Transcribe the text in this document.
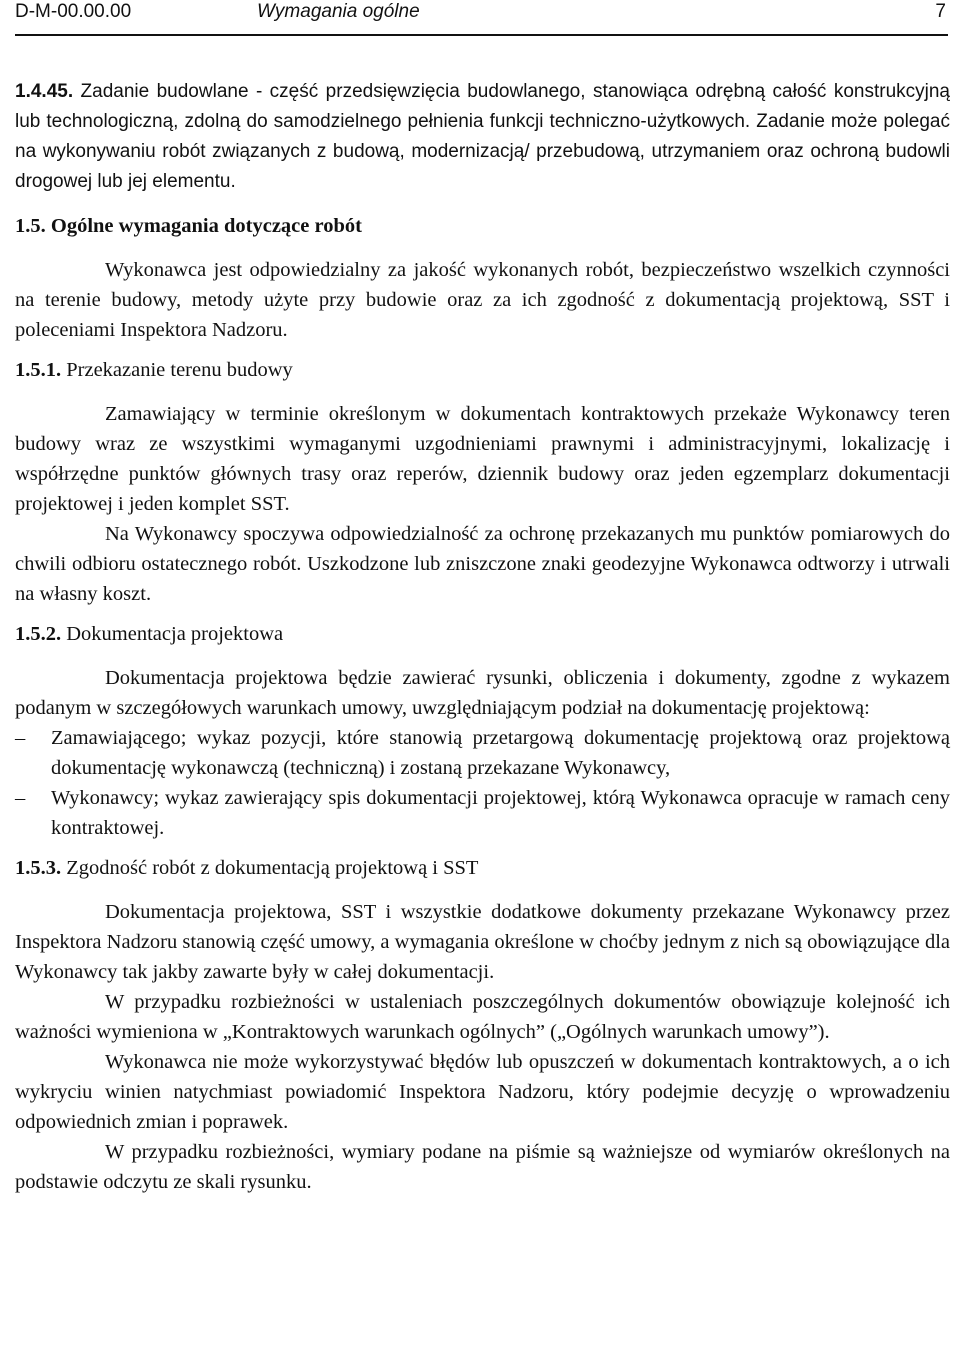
D-M-00.00.00	Wymagania ogólne	7

1.4.45. Zadanie budowlane - część przedsięwzięcia budowlanego, stanowiąca odrębną całość konstrukcyjną lub technologiczną, zdolną do samodzielnego pełnienia funkcji techniczno-użytkowych. Zadanie może polegać na wykonywaniu robót związanych z budową, modernizacją/ przebudową, utrzymaniem oraz ochroną budowli drogowej lub jej elementu.

1.5. Ogólne wymagania dotyczące robót

Wykonawca jest odpowiedzialny za jakość wykonanych robót, bezpieczeństwo wszelkich czynności na terenie budowy, metody użyte przy budowie oraz za ich zgodność z dokumentacją projektową, SST i poleceniami Inspektora Nadzoru.

1.5.1. Przekazanie terenu budowy

Zamawiający w terminie określonym w dokumentach kontraktowych przekaże Wykonawcy teren budowy wraz ze wszystkimi wymaganymi uzgodnieniami prawnymi i administracyjnymi, lokalizację i współrzędne punktów głównych trasy oraz reperów, dziennik budowy oraz jeden egzemplarz dokumentacji projektowej i jeden komplet SST.

Na Wykonawcy spoczywa odpowiedzialność za ochronę przekazanych mu punktów pomiarowych do chwili odbioru ostatecznego robót. Uszkodzone lub zniszczone znaki geodezyjne Wykonawca odtworzy i utrwali na własny koszt.

1.5.2. Dokumentacja projektowa

Dokumentacja projektowa będzie zawierać rysunki, obliczenia i dokumenty, zgodne z wykazem podanym w szczegółowych warunkach umowy, uwzględniającym podział na dokumentację projektową:

– Zamawiającego; wykaz pozycji, które stanowią przetargową dokumentację projektową oraz projektową dokumentację wykonawczą (techniczną) i zostaną przekazane Wykonawcy,
– Wykonawcy; wykaz zawierający spis dokumentacji projektowej, którą Wykonawca opracuje w ramach ceny kontraktowej.

1.5.3. Zgodność robót z dokumentacją projektową i SST

Dokumentacja projektowa, SST i wszystkie dodatkowe dokumenty przekazane Wykonawcy przez Inspektora Nadzoru stanowią część umowy, a wymagania określone w choćby jednym z nich są obowiązujące dla Wykonawcy tak jakby zawarte były w całej dokumentacji.

W przypadku rozbieżności w ustaleniach poszczególnych dokumentów obowiązuje kolejność ich ważności wymieniona w „Kontraktowych warunkach ogólnych” („Ogólnych warunkach umowy”).

Wykonawca nie może wykorzystywać błędów lub opuszczeń w dokumentach kontraktowych, a o ich wykryciu winien natychmiast powiadomić Inspektora Nadzoru, który podejmie decyzję o wprowadzeniu odpowiednich zmian i poprawek.

W przypadku rozbieżności, wymiary podane na piśmie są ważniejsze od wymiarów określonych na podstawie odczytu ze skali rysunku.
